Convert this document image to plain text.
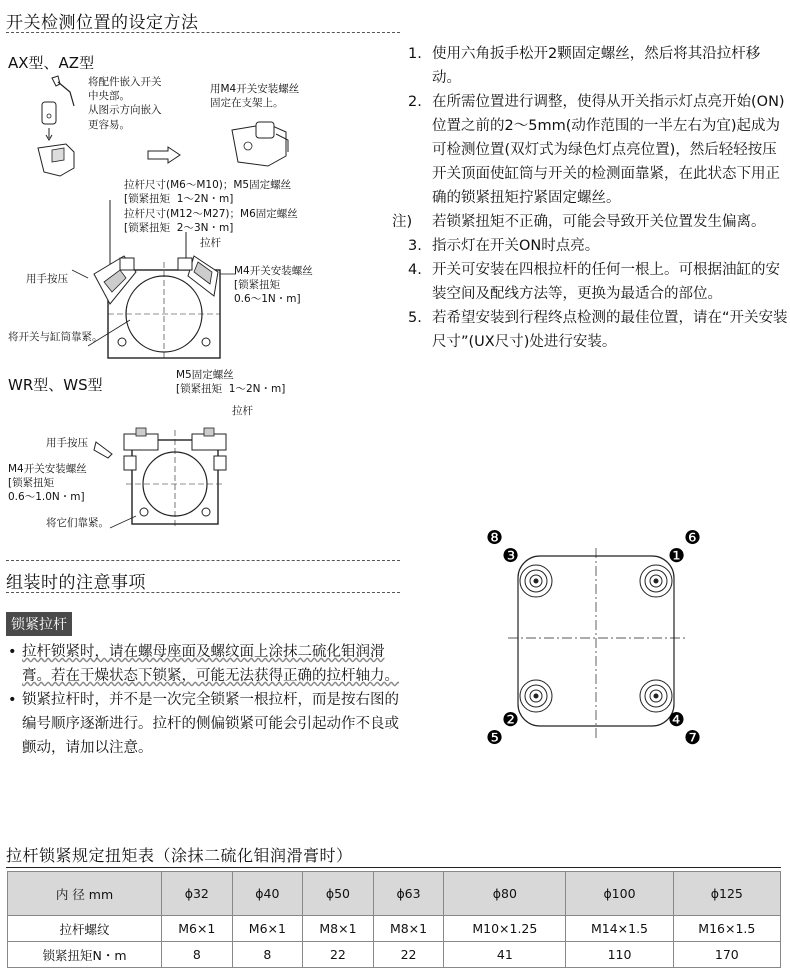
开关检测位置的设定方法
AX型、AZ型
将配件嵌入开关
中央部。
从图示方向嵌入
更容易。
用M4开关安装螺丝
固定在支架上。
拉杆尺寸(M6～M10)；M5固定螺丝
[锁紧扭矩  1～2N・m]
拉杆尺寸(M12～M27)；M6固定螺丝
[锁紧扭矩  2～3N・m]
拉杆
用手按压
M4开关安装螺丝
[锁紧扭矩
0.6～1N・m]
将开关与缸筒靠紧。
WR型、WS型
M5固定螺丝
[锁紧扭矩  1～2N・m]
拉杆
用手按压
M4开关安装螺丝
[锁紧扭矩
0.6～1.0N・m]
将它们靠紧。
1. 使用六角扳手松开2颗固定螺丝，然后将其沿拉杆移动。
2. 在所需位置进行调整，使得从开关指示灯点亮开始(ON)位置之前的2～5mm(动作范围的一半左右为宜)起成为可检测位置(双灯式为绿色灯点亮位置)，然后轻轻按压开关顶面使缸筒与开关的检测面靠紧，在此状态下用正确的锁紧扭矩拧紧固定螺丝。
注)	若锁紧扭矩不正确，可能会导致开关位置发生偏离。
3. 指示灯在开关ON时点亮。
4. 开关可安装在四根拉杆的任何一根上。可根据油缸的安装空间及配线方法等，更换为最适合的部位。
5. 若希望安装到行程终点检测的最佳位置，请在“开关安装尺寸”(UX尺寸)处进行安装。
组装时的注意事项
锁紧拉杆
• 拉杆锁紧时，请在螺母座面及螺纹面上涂抹二硫化钼润滑膏。若在干燥状态下锁紧，可能无法获得正确的拉杆轴力。
• 锁紧拉杆时，并不是一次完全锁紧一根拉杆，而是按右图的编号顺序逐渐进行。拉杆的侧偏锁紧可能会引起动作不良或颤动，请加以注意。
❽
❸
❻
❶
❷
❺
❹
❼
拉杆锁紧规定扭矩表（涂抹二硫化钼润滑膏时）
内 径 mm	ϕ32	ϕ40	ϕ50	ϕ63	ϕ80	ϕ100	ϕ125
拉杆螺纹	M6×1	M6×1	M8×1	M8×1	M10×1.25	M14×1.5	M16×1.5
锁紧扭矩N・m	8	8	22	22	41	110	170
